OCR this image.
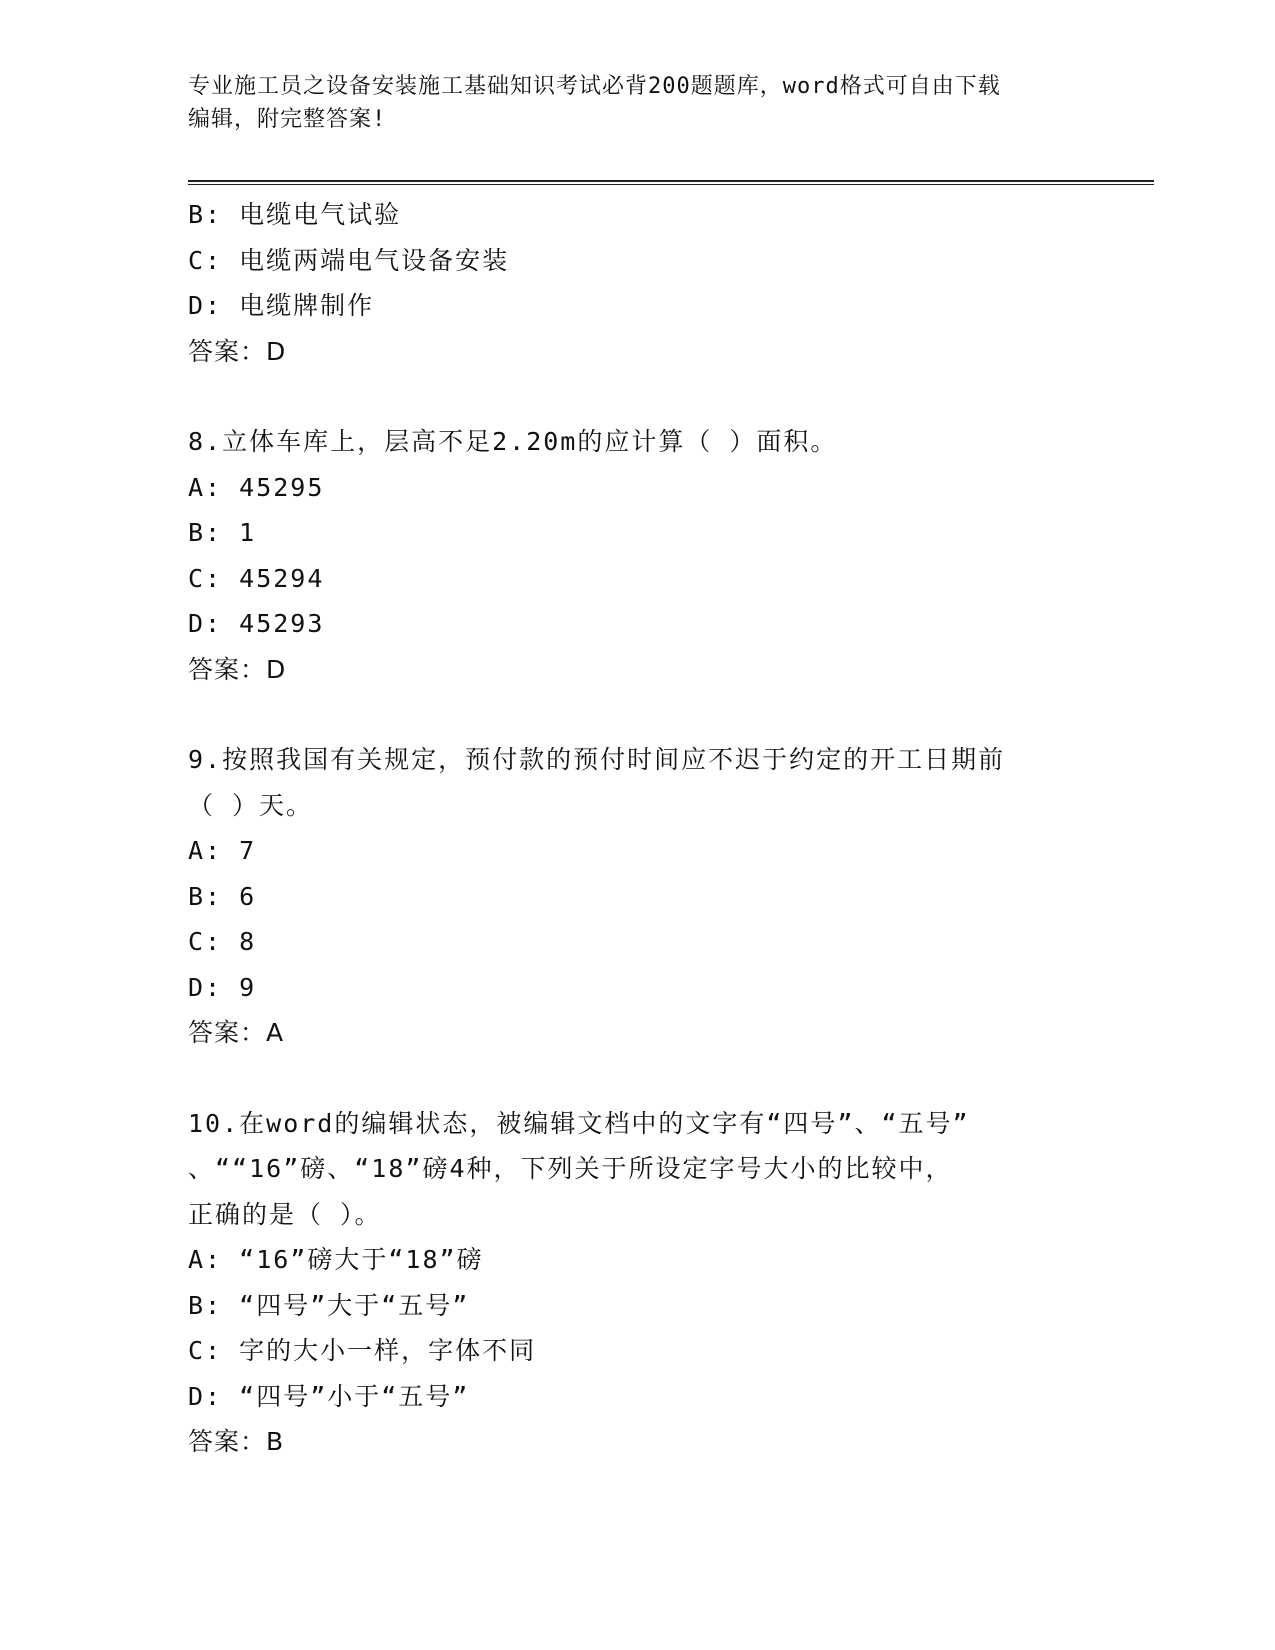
专业施工员之设备安装施工基础知识考试必背200题题库，word格式可自由下载
编辑，附完整答案!
B: 电缆电气试验
C: 电缆两端电气设备安装
D: 电缆牌制作
答案：D
8.立体车库上，层高不足2.20m的应计算（ ）面积。
A: 45295
B: 1
C: 45294
D: 45293
答案：D
9.按照我国有关规定，预付款的预付时间应不迟于约定的开工日期前
（ ）天。
A: 7
B: 6
C: 8
D: 9
答案：A
10.在word的编辑状态，被编辑文档中的文字有“四号”、“五号”
、““16”磅、“18”磅4种，下列关于所设定字号大小的比较中，
正确的是（ ）。
A: “16”磅大于“18”磅
B: “四号”大于“五号”
C: 字的大小一样，字体不同
D: “四号”小于“五号”
答案：B
